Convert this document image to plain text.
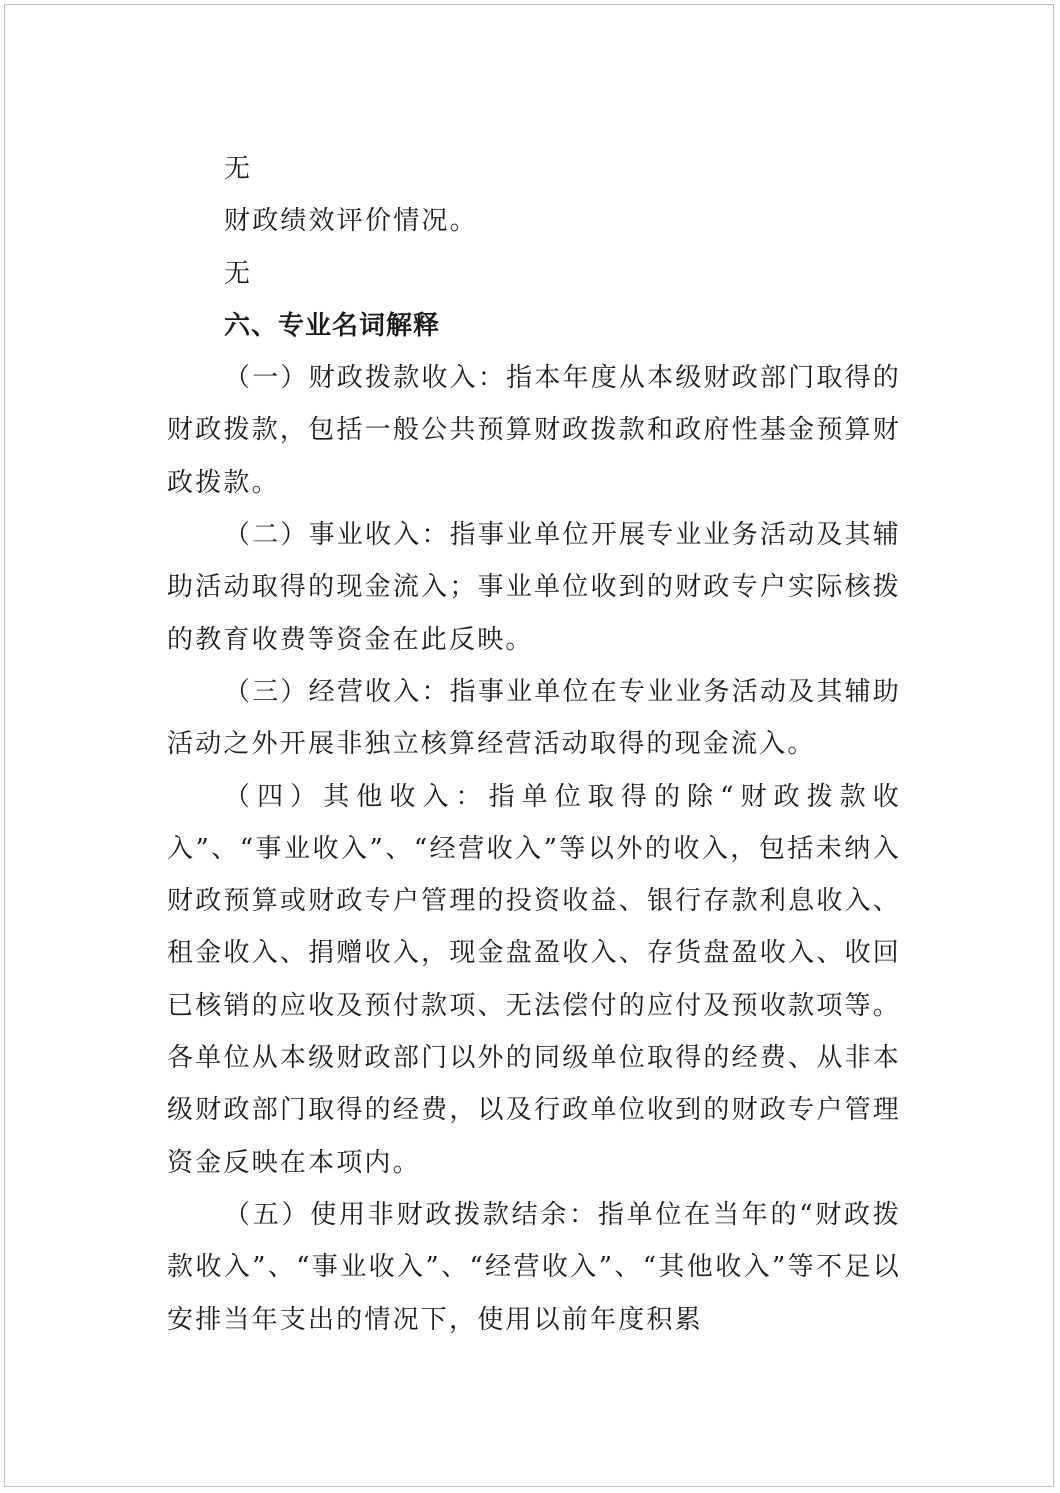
无

财政绩效评价情况。

无

六、专业名词解释

（一）财政拨款收入：指本年度从本级财政部门取得的财政拨款，包括一般公共预算财政拨款和政府性基金预算财政拨款。

（二）事业收入：指事业单位开展专业业务活动及其辅助活动取得的现金流入；事业单位收到的财政专户实际核拨的教育收费等资金在此反映。

（三）经营收入：指事业单位在专业业务活动及其辅助活动之外开展非独立核算经营活动取得的现金流入。

（四）其他收入：指单位取得的除“财政拨款收入”、“事业收入”、“经营收入”等以外的收入，包括未纳入财政预算或财政专户管理的投资收益、银行存款利息收入、租金收入、捐赠收入，现金盘盈收入、存货盘盈收入、收回已核销的应收及预付款项、无法偿付的应付及预收款项等。各单位从本级财政部门以外的同级单位取得的经费、从非本级财政部门取得的经费，以及行政单位收到的财政专户管理资金反映在本项内。

（五）使用非财政拨款结余：指单位在当年的“财政拨款收入”、“事业收入”、“经营收入”、“其他收入”等不足以安排当年支出的情况下，使用以前年度积累
